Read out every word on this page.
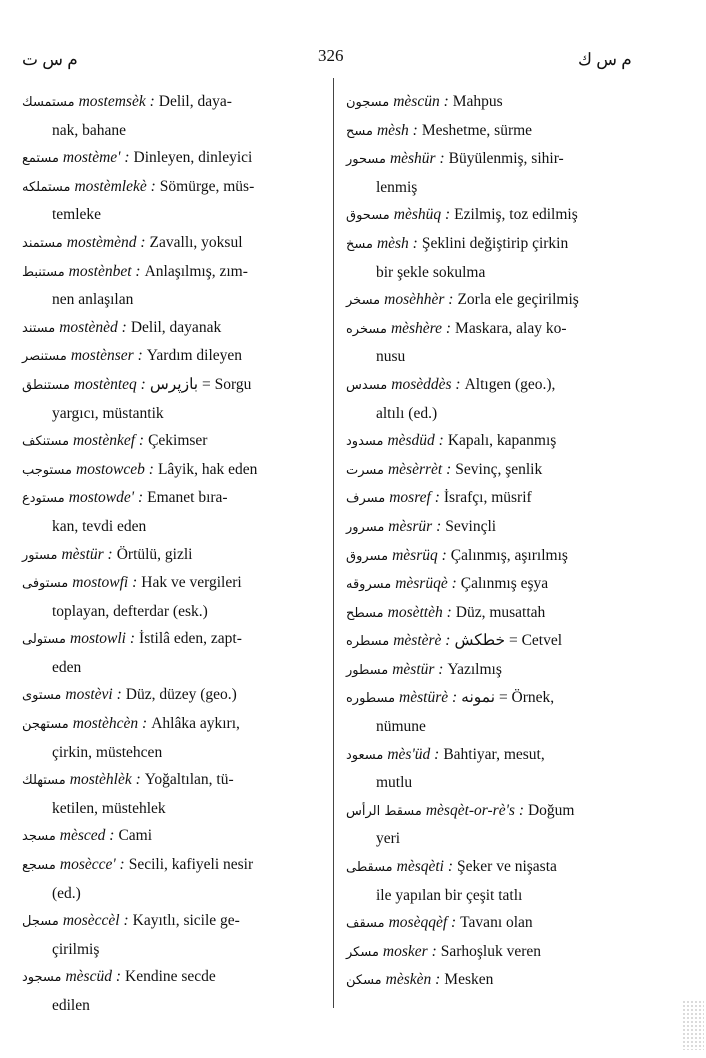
م س ت	326	م س ك
مستمسك mostemsèk : Delil, daya-
nak, bahane
مستمع mostème' : Dinleyen, dinleyici
مستملكه mostèmlekè : Sömürge, müs-
temleke
مستمند mostèmènd : Zavallı, yoksul
مستنبط mostènbet : Anlaşılmış, zım-
nen anlaşılan
مستند mostènèd : Delil, dayanak
مستنصر mostènser : Yardım dileyen
مستنطق mostènteq : بازپرس = Sorgu
yargıcı, müstantik
مستنكف mostènkef : Çekimser
مستوجب mostowceb : Lâyik, hak eden
مستودع mostowde' : Emanet bıra-
kan, tevdi eden
مستور mèstür : Örtülü, gizli
مستوفی mostowfi : Hak ve vergileri
toplayan, defterdar (esk.)
مستولی mostowli : İstilâ eden, zapt-
eden
مستوی mostèvi : Düz, düzey (geo.)
مستهجن mostèhcèn : Ahlâka aykırı,
çirkin, müstehcen
مستهلك mostèhlèk : Yoğaltılan, tü-
ketilen, müstehlek
مسجد mèsced : Cami
مسجع mosècce' : Secili, kafiyeli nesir
(ed.)
مسجل mosèccèl : Kayıtlı, sicile ge-
çirilmiş
مسجود mèscüd : Kendine secde
edilen
مسجون mèscün : Mahpus
مسح mèsh : Meshetme, sürme
مسحور mèshür : Büyülenmiş, sihir-
lenmiş
مسحوق mèshüq : Ezilmiş, toz edilmiş
مسخ mèsh : Şeklini değiştirip çirkin
bir şekle sokulma
مسخر mosèhhèr : Zorla ele geçirilmiş
مسخره mèshère : Maskara, alay ko-
nusu
مسدس mosèddès : Altıgen (geo.),
altılı (ed.)
مسدود mèsdüd : Kapalı, kapanmış
مسرت mèsèrrèt : Sevinç, şenlik
مسرف mosref : İsrafçı, müsrif
مسرور mèsrür : Sevinçli
مسروق mèsrüq : Çalınmış, aşırılmış
مسروقه mèsrüqè : Çalınmış eşya
مسطح mosèttèh : Düz, musattah
مسطره mèstèrè : خطكش = Cetvel
مسطور mèstür : Yazılmış
مسطوره mèstürè : نمونه = Örnek,
nümune
مسعود mès'üd : Bahtiyar, mesut,
mutlu
مسقط الرأس mèsqèt-or-rè's : Doğum
yeri
مسقطی mèsqèti : Şeker ve nişasta
ile yapılan bir çeşit tatlı
مسقف mosèqqèf : Tavanı olan
مسكر mosker : Sarhoşluk veren
مسكن mèskèn : Mesken
